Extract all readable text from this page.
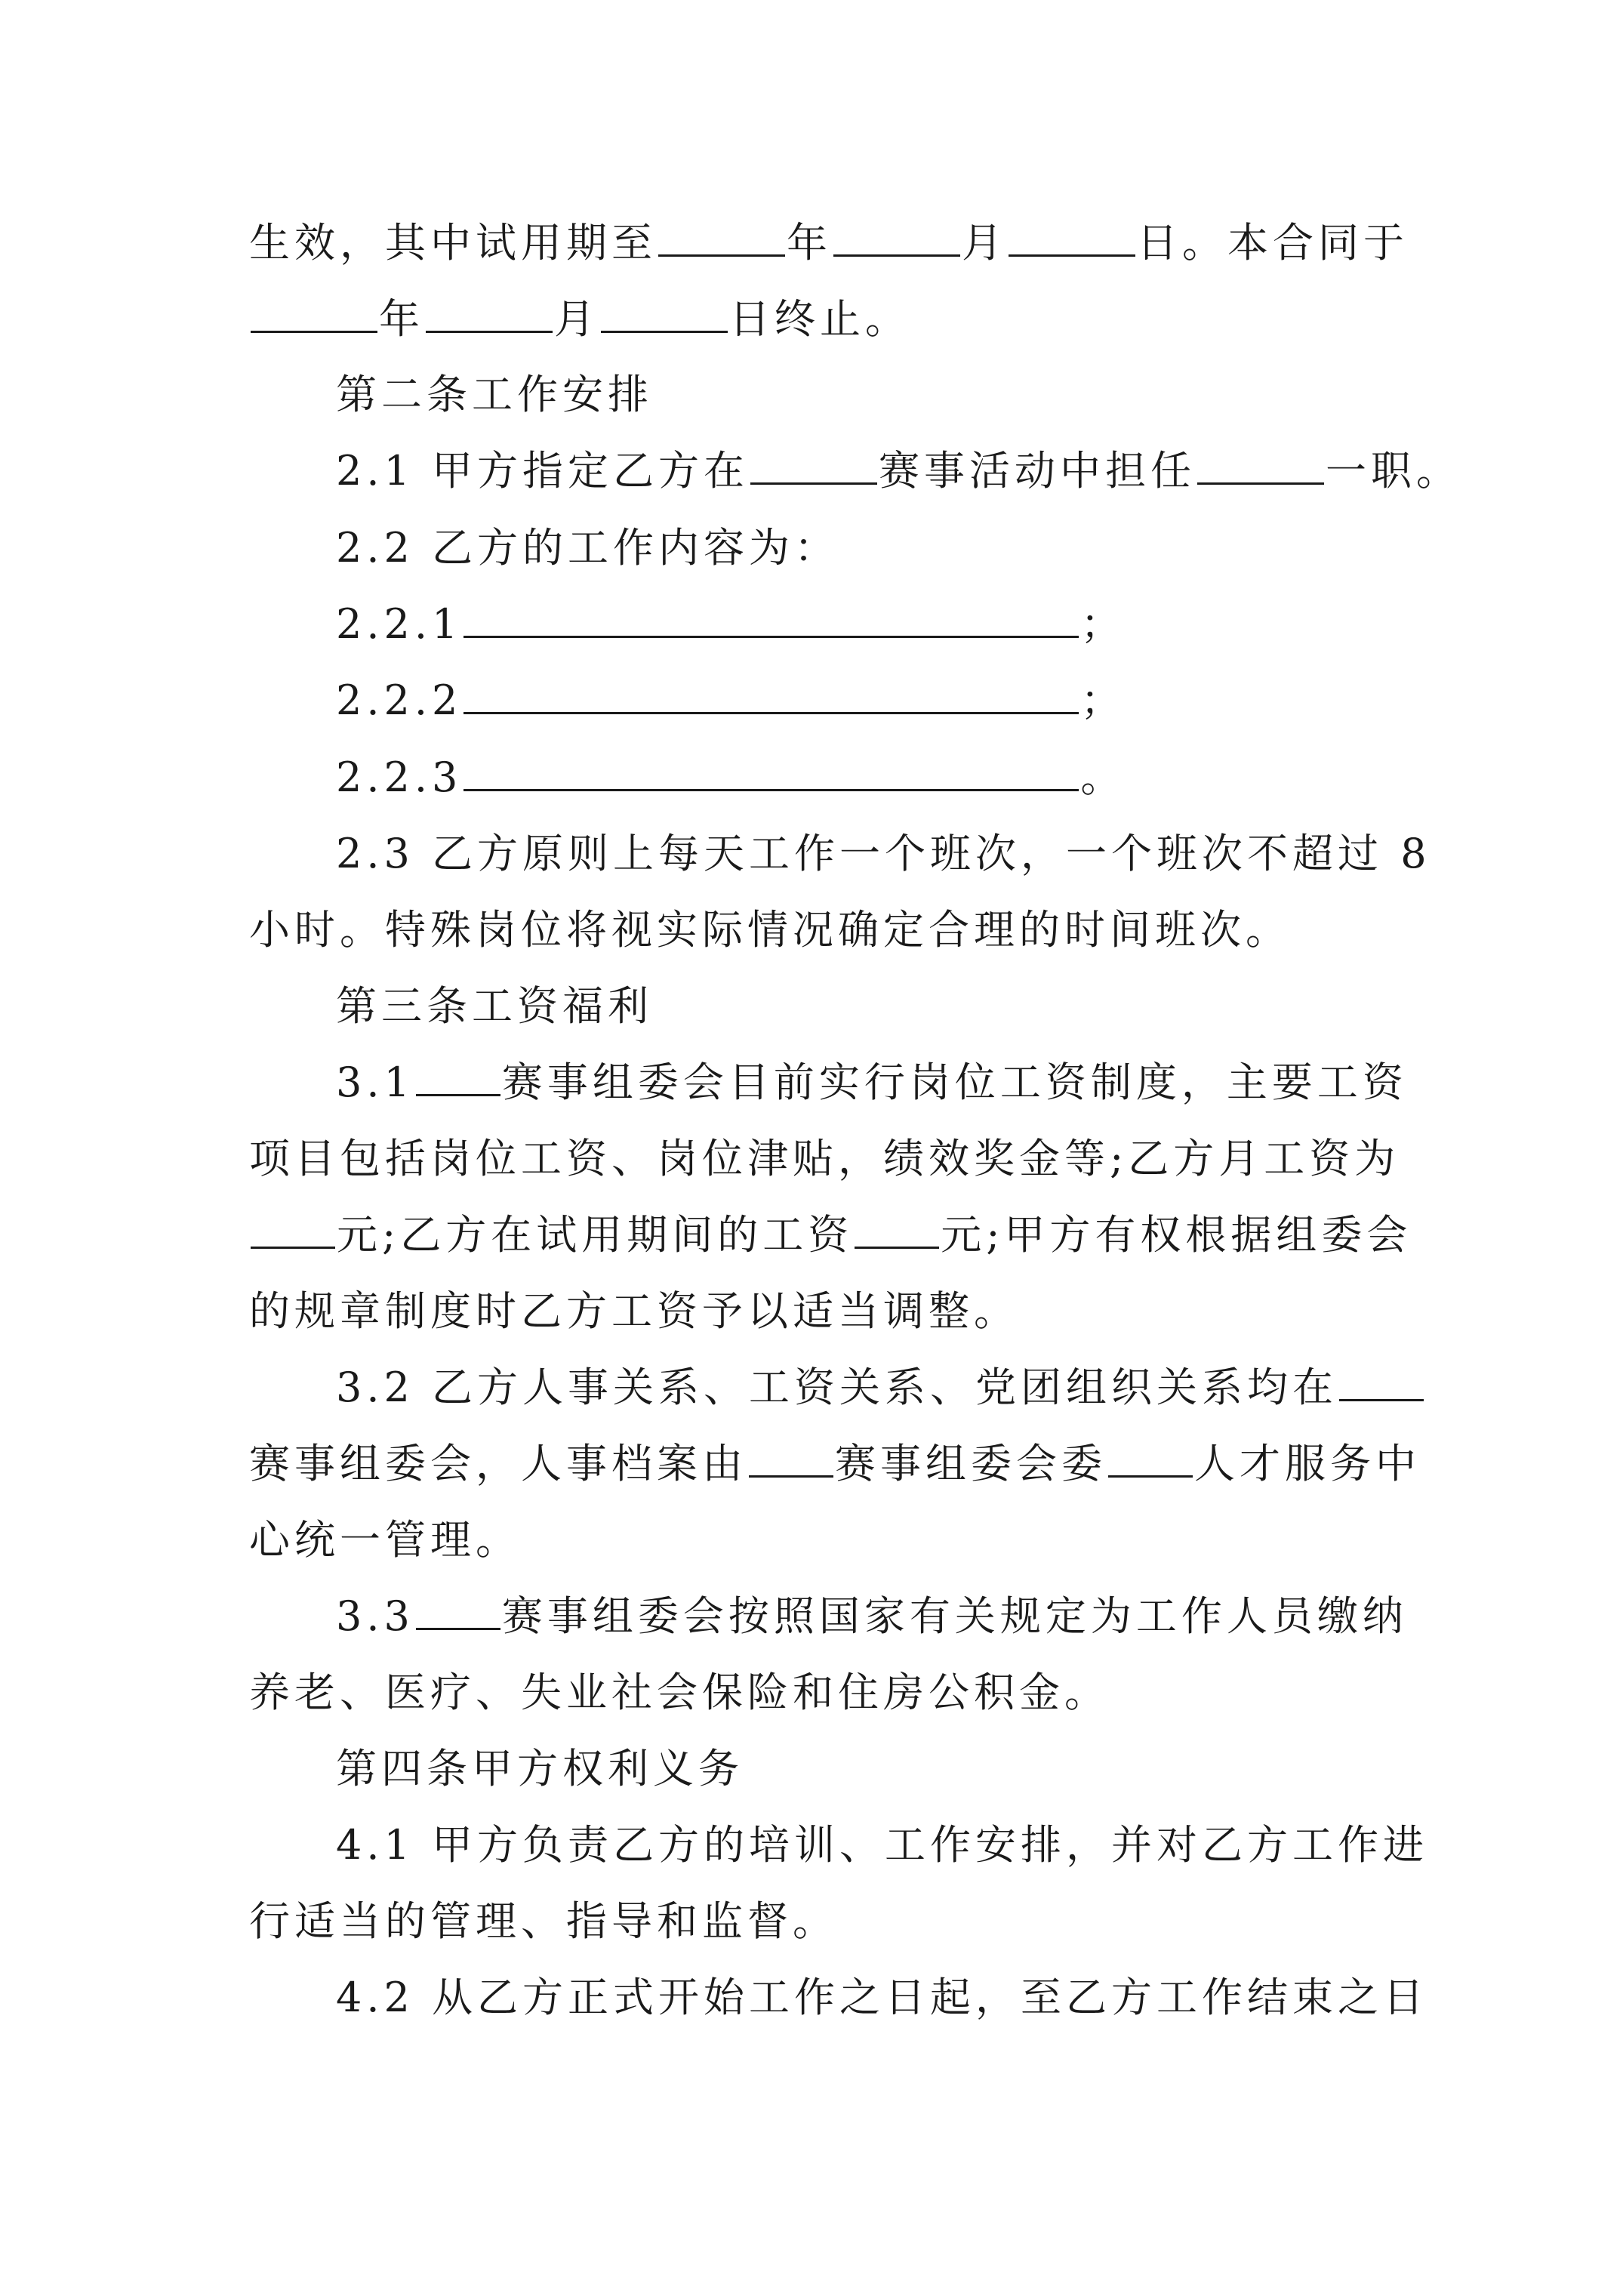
生效，其中试用期至	年	月	日。本合同于
年	月	日终止。
第二条工作安排
2.1 甲方指定乙方在	赛事活动中担任	一职。
2.2 乙方的工作内容为：
2.2.1	；
2.2.2	；
2.2.3	。
2.3 乙方原则上每天工作一个班次，一个班次不超过 8
小时。特殊岗位将视实际情况确定合理的时间班次。
第三条工资福利
3.1 赛事组委会目前实行岗位工资制度，主要工资
项目包括岗位工资、岗位津贴，绩效奖金等;乙方月工资为
元;乙方在试用期间的工资 元;甲方有权根据组委会
的规章制度时乙方工资予以适当调整。
3.2 乙方人事关系、工资关系、党团组织关系均在
赛事组委会，人事档案由 赛事组委会委 人才服务中
心统一管理。
3.3 赛事组委会按照国家有关规定为工作人员缴纳
养老、医疗、失业社会保险和住房公积金。
第四条甲方权利义务
4.1 甲方负责乙方的培训、工作安排，并对乙方工作进
行适当的管理、指导和监督。
4.2 从乙方正式开始工作之日起，至乙方工作结束之日
